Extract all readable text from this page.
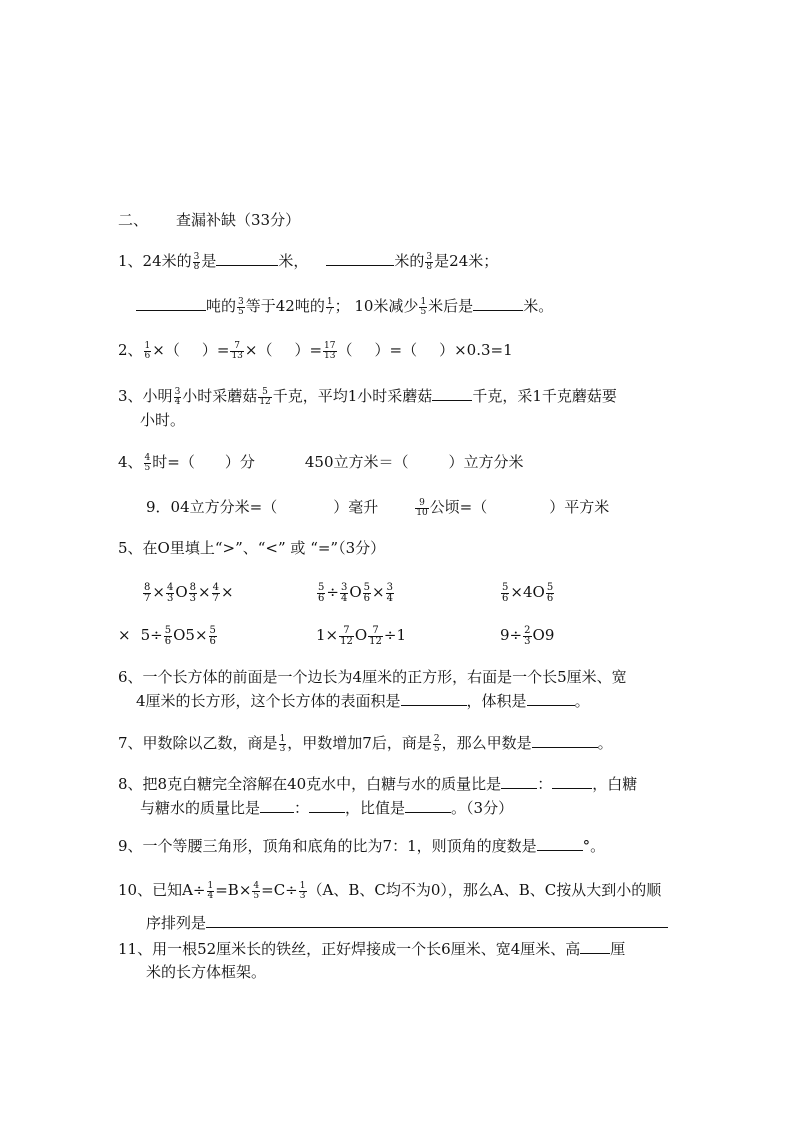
二、 查漏补缺（33分）
1、24米的 $\frac{3}{8}$ 是	米，	米的 $\frac{3}{8}$ 是24米；
吨的 $\frac{3}{5}$ 等于42吨的 $\frac{1}{7}$ ； 10米减少 $\frac{1}{5}$ 米后是	米。
2、 $\frac{1}{6}$ ×（ ）= $\frac{7}{13}$ ×（ ）= $\frac{17}{13}$ （ ）=（ ）×0.3=1
3、小明 $\frac{3}{4}$ 小时采蘑菇 $\frac{5}{12}$ 千克，平均1小时采蘑菇	千克，采1千克蘑菇要
小时。
4、 $\frac{4}{5}$ 时=（ ）分	450立方米＝（	）立方分米
9．04立方分米=（	）毫升	$\frac{9}{10}$ 公顷=（	）平方米
5、在O里填上“>”、“<” 或 “=”（3分）
$\frac{8}{7} \times \frac{4}{3}$ O $\frac{8}{3} \times \frac{4}{7}$ ×	$\frac{5}{6} \div \frac{3}{4}$ O $\frac{5}{6} \times \frac{3}{4}$	$\frac{5}{6} \times 4O \frac{5}{6}$
× $5\div \frac{5}{6} O5\times \frac{5}{6}$	$1\times \frac{7}{12}$ O $\frac{7}{12} \div 1$	$9\div \frac{2}{3} O9$
6、一个长方体的前面是一个边长为4厘米的正方形，右面是一个长5厘米、宽
4厘米的长方形，这个长方体的表面积是	，体积是	。
7、甲数除以乙数，商是 $\frac{1}{3}$ ，甲数增加7后，商是 $\frac{2}{5}$ ，那么甲数是	。
8、把8克白糖完全溶解在40克水中，白糖与水的质量比是 ：	，白糖
与糖水的质量比是 ： ，比值是	。（3分）
9、一个等腰三角形，顶角和底角的比为7：1，则顶角的度数是	°。
10、已知$A\div \frac{1}{4} =B\times \frac{4}{5} =C\div \frac{1}{3} (A$、B、C均不为0），那么A、B、C按从大到小的顺
序排列是
11、用一根52厘米长的铁丝，正好焊接成一个长6厘米、宽4厘米、高 厘
米的长方体框架。
